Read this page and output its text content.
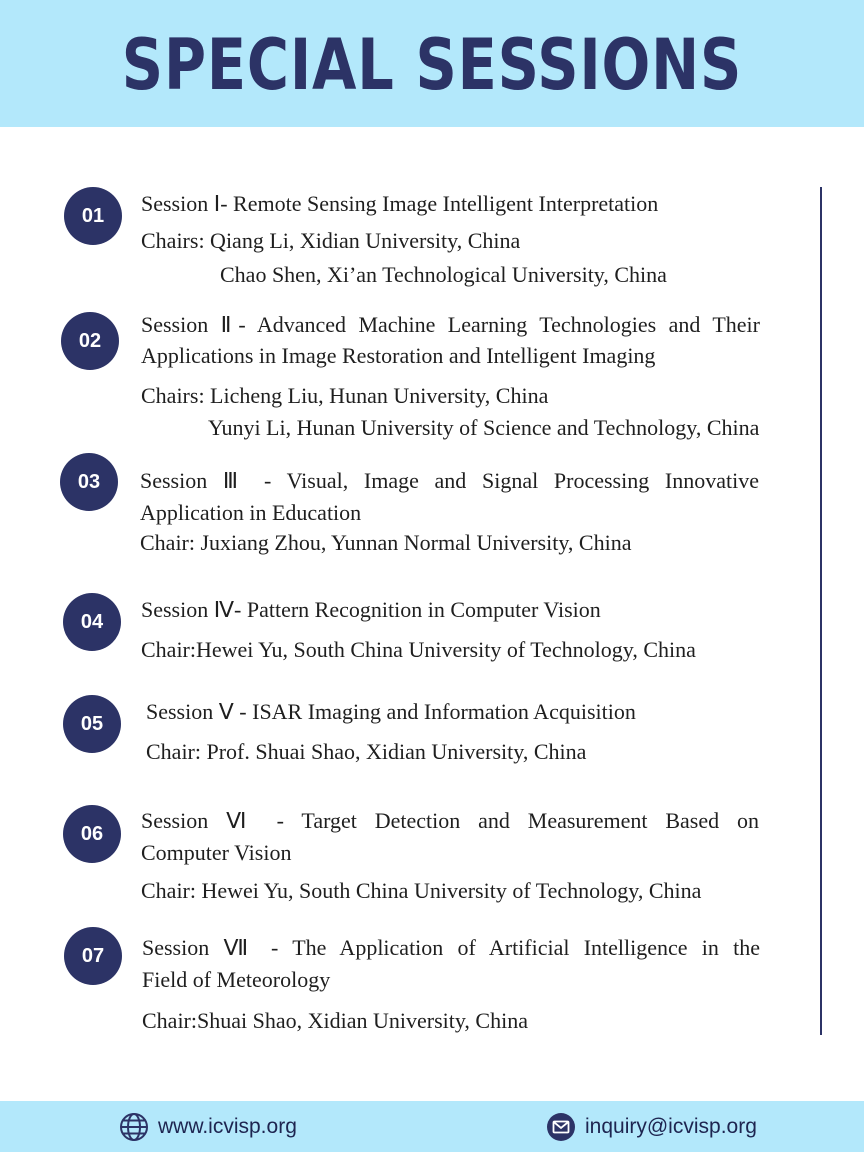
SPECIAL SESSIONS
01	Session Ⅰ- Remote Sensing Image Intelligent Interpretation
Chairs: Qiang Li, Xidian University, China
Chao Shen, Xi’an Technological University, China
02
Session Ⅱ- Advanced Machine Learning Technologies and Their
Applications in Image Restoration and Intelligent Imaging
Chairs: Licheng Liu, Hunan University, China
Yunyi Li, Hunan University of Science and Technology, China
03	Session Ⅲ - Visual, Image and Signal Processing Innovative
Application in Education
Chair: Juxiang Zhou, Yunnan Normal University, China
04	Session Ⅳ- Pattern Recognition in Computer Vision
Chair:Hewei Yu, South China University of Technology, China
05	Session Ⅴ - ISAR Imaging and Information Acquisition
Chair: Prof. Shuai Shao, Xidian University, China
06
Session Ⅵ - Target Detection and Measurement Based on
Computer Vision
Chair: Hewei Yu, South China University of Technology, China
07	Session Ⅶ - The Application of Artificial Intelligence in the
Field of Meteorology
Chair:Shuai Shao, Xidian University, China
www.icvisp.org	inquiry@icvisp.org
